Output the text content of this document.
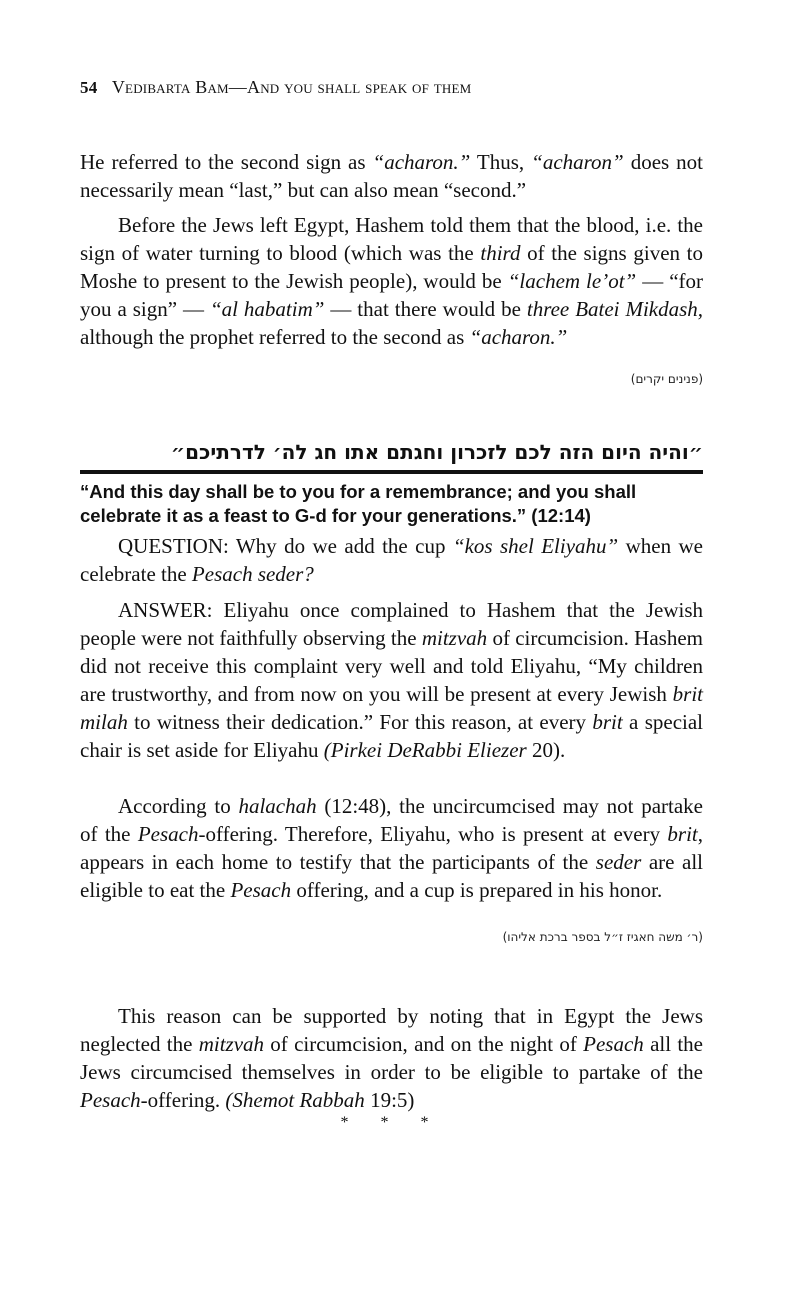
54 Vedibarta Bam—And you shall speak of them

He referred to the second sign as “acharon.” Thus, “acharon” does not necessarily mean “last,” but can also mean “second.”

Before the Jews left Egypt, Hashem told them that the blood, i.e. the sign of water turning to blood (which was the third of the signs given to Moshe to present to the Jewish people), would be “lachem le’ot” — “for you a sign” — “al habatim” — that there would be three Batei Mikdash, although the prophet referred to the second as “acharon.”

(פנינים יקרים)

״והיה היום הזה לכם לזכרון וחגתם אתו חג לה׳ לדרתיכם״

“And this day shall be to you for a remembrance; and you shall celebrate it as a feast to G-d for your generations.” (12:14)

QUESTION: Why do we add the cup “kos shel Eliyahu” when we celebrate the Pesach seder?

ANSWER: Eliyahu once complained to Hashem that the Jewish people were not faithfully observing the mitzvah of circumcision. Hashem did not receive this complaint very well and told Eliyahu, “My children are trustworthy, and from now on you will be present at every Jewish brit milah to witness their dedication.” For this reason, at every brit a special chair is set aside for Eliyahu (Pirkei DeRabbi Eliezer 20).

According to halachah (12:48), the uncircumcised may not partake of the Pesach-offering. Therefore, Eliyahu, who is present at every brit, appears in each home to testify that the participants of the seder are all eligible to eat the Pesach offering, and a cup is prepared in his honor.

(ר׳ משה חאגיז ז״ל בספר ברכת אליהו)

This reason can be supported by noting that in Egypt the Jews neglected the mitzvah of circumcision, and on the night of Pesach all the Jews circumcised themselves in order to be eligible to partake of the Pesach-offering. (Shemot Rabbah 19:5)

* * *
